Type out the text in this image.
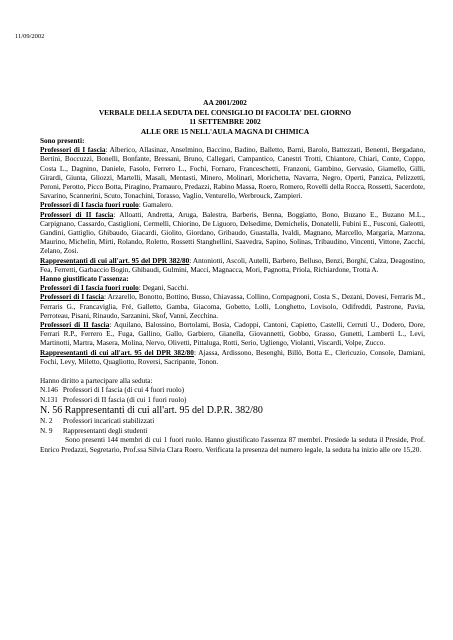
11/09/2002
AA 2001/2002
VERBALE DELLA SEDUTA DEL CONSIGLIO DI FACOLTA' DEL GIORNO
11 SETTEMBRE 2002
ALLE ORE 15 NELL'AULA MAGNA DI CHIMICA

Sono presenti:

Professori di I fascia: Alberico, Allasinaz, Anselmino, Baccino, Badino, Balletto, Barni, Barolo, Battezzati, Benenti, Bergadano, Bertini, Boccuzzi, Bonelli, Bonfante, Bressani, Bruno, Callegari, Campantico, Canestri Trotti, Chiantore, Chiari, Conte, Coppo, Costa L., Dagnino, Daniele, Fasolo, Ferrero L., Fochi, Fornaro, Franceschetti, Franzoni, Gambino, Gervasio, Giamello, Gilli, Girardi, Giunta, Gliozzi, Martelli, Masali, Mentasti, Minero, Molinari, Morichetta, Navarra, Negro, Operti, Panzica, Pelizzetti, Peroni, Perotto, Picco Botta, Piragino, Pramauro, Predazzi, Rabino Massa, Roero, Romero, Rovelli della Rocca, Rossetti, Sacerdote, Savarino, Scannerini, Scuto, Tonachini, Torasso, Vaglio, Venturello, Werbrouck, Zampieri.

Professori di I fascia fuori ruolo: Gamalero.

Professori di II fascia: Alloatti, Andretta, Aruga, Balestra, Barberis, Benna, Boggiatto, Bono, Buzano E., Buzano M.L., Carpignano, Cassardo, Castiglioni, Cermelli, Chiorino, De Liguoro, Delsedime, Demichelis, Donatelli, Fubini E., Fusconi, Galeotti, Gandini, Gattiglio, Ghibaudo, Giacardi, Giolito, Giordano, Gribaudo, Guastalla, Ivaldi, Magnano, Marcello, Margaria, Marzona, Maurino, Michelin, Mirti, Rolando, Roletto, Rossetti Stanghellini, Saavedra, Sapino, Solinas, Tribaudino, Vincenti, Vittone, Zacchi, Zelano, Zosi.

Rappresentanti di cui all'art. 95 del DPR 382/80: Antoniotti, Ascoli, Autelli, Barbero, Belluso, Benzi, Borghi, Calza, Deagostino, Fea, Ferretti, Garbaccio Bogin, Ghibaudi, Gulmini, Macci, Magnacca, Mori, Pagnotta, Priola, Richiardone, Trotta A.

Hanno giustificato l'assenza:

Professori di I fascia fuori ruolo: Degani, Sacchi.

Professori di I fascia: Arzarello, Bonotto, Bottino, Busso, Chiavassa, Collino, Compagnoni, Costa S., Dezani, Dovesi, Ferraris M., Ferraris G., Francaviglia, Fré, Galletto, Gamba, Giacoma, Gobetto, Lolli, Longhetto, Lovisolo, Odifreddi, Pastrone, Pavia, Perroteau, Pisani, Rinaudo, Sarzanini, Skof, Vanni, Zecchina.

Professori di II fascia: Aquilano, Balossino, Bortolami, Bosia, Cadoppi, Cantoni, Capietto, Castelli, Cerruti U., Dodero, Dore, Ferrari R.P., Ferrero E., Fuga, Gallino, Gallo, Garbiero, Gianella, Giovannetti, Gobbo, Grasso, Gunetti, Lamberti L., Levi, Martinotti, Martra, Masera, Molina, Nervo, Olivetti, Pittaluga, Rotti, Serio, Ugliengo, Violanti, Viscardi, Volpe, Zucco.

Rappresentanti di cui all'art. 95 del DPR 382/80: Ajassa, Ardissono, Besenghi, Billò, Botta E., Clericuzio, Console, Damiani, Fochi, Levy, Miletto, Quagliotto, Roversi, Sacripante, Tonon.

Hanno diritto a partecipare alla seduta:

N.146 Professori di I fascia (di cui 4 fuori ruolo)

N.131 Professori di II fascia (di cui 1 fuori ruolo)

N. 56 Rappresentanti di cui all'art. 95 del D.P.R. 382/80

N. 2 Professori incaricati stabilizzati

N. 9 Rappresentanti degli studenti

Sono presenti 144 membri di cui 1 fuori ruolo. Hanno giustificato l'assenza 87 membri. Presiede la seduta il Preside, Prof. Enrico Predazzi, Segretario, Prof.ssa Silvia Clara Roero. Verificata la presenza del numero legale, la seduta ha inizio alle ore 15,20.
